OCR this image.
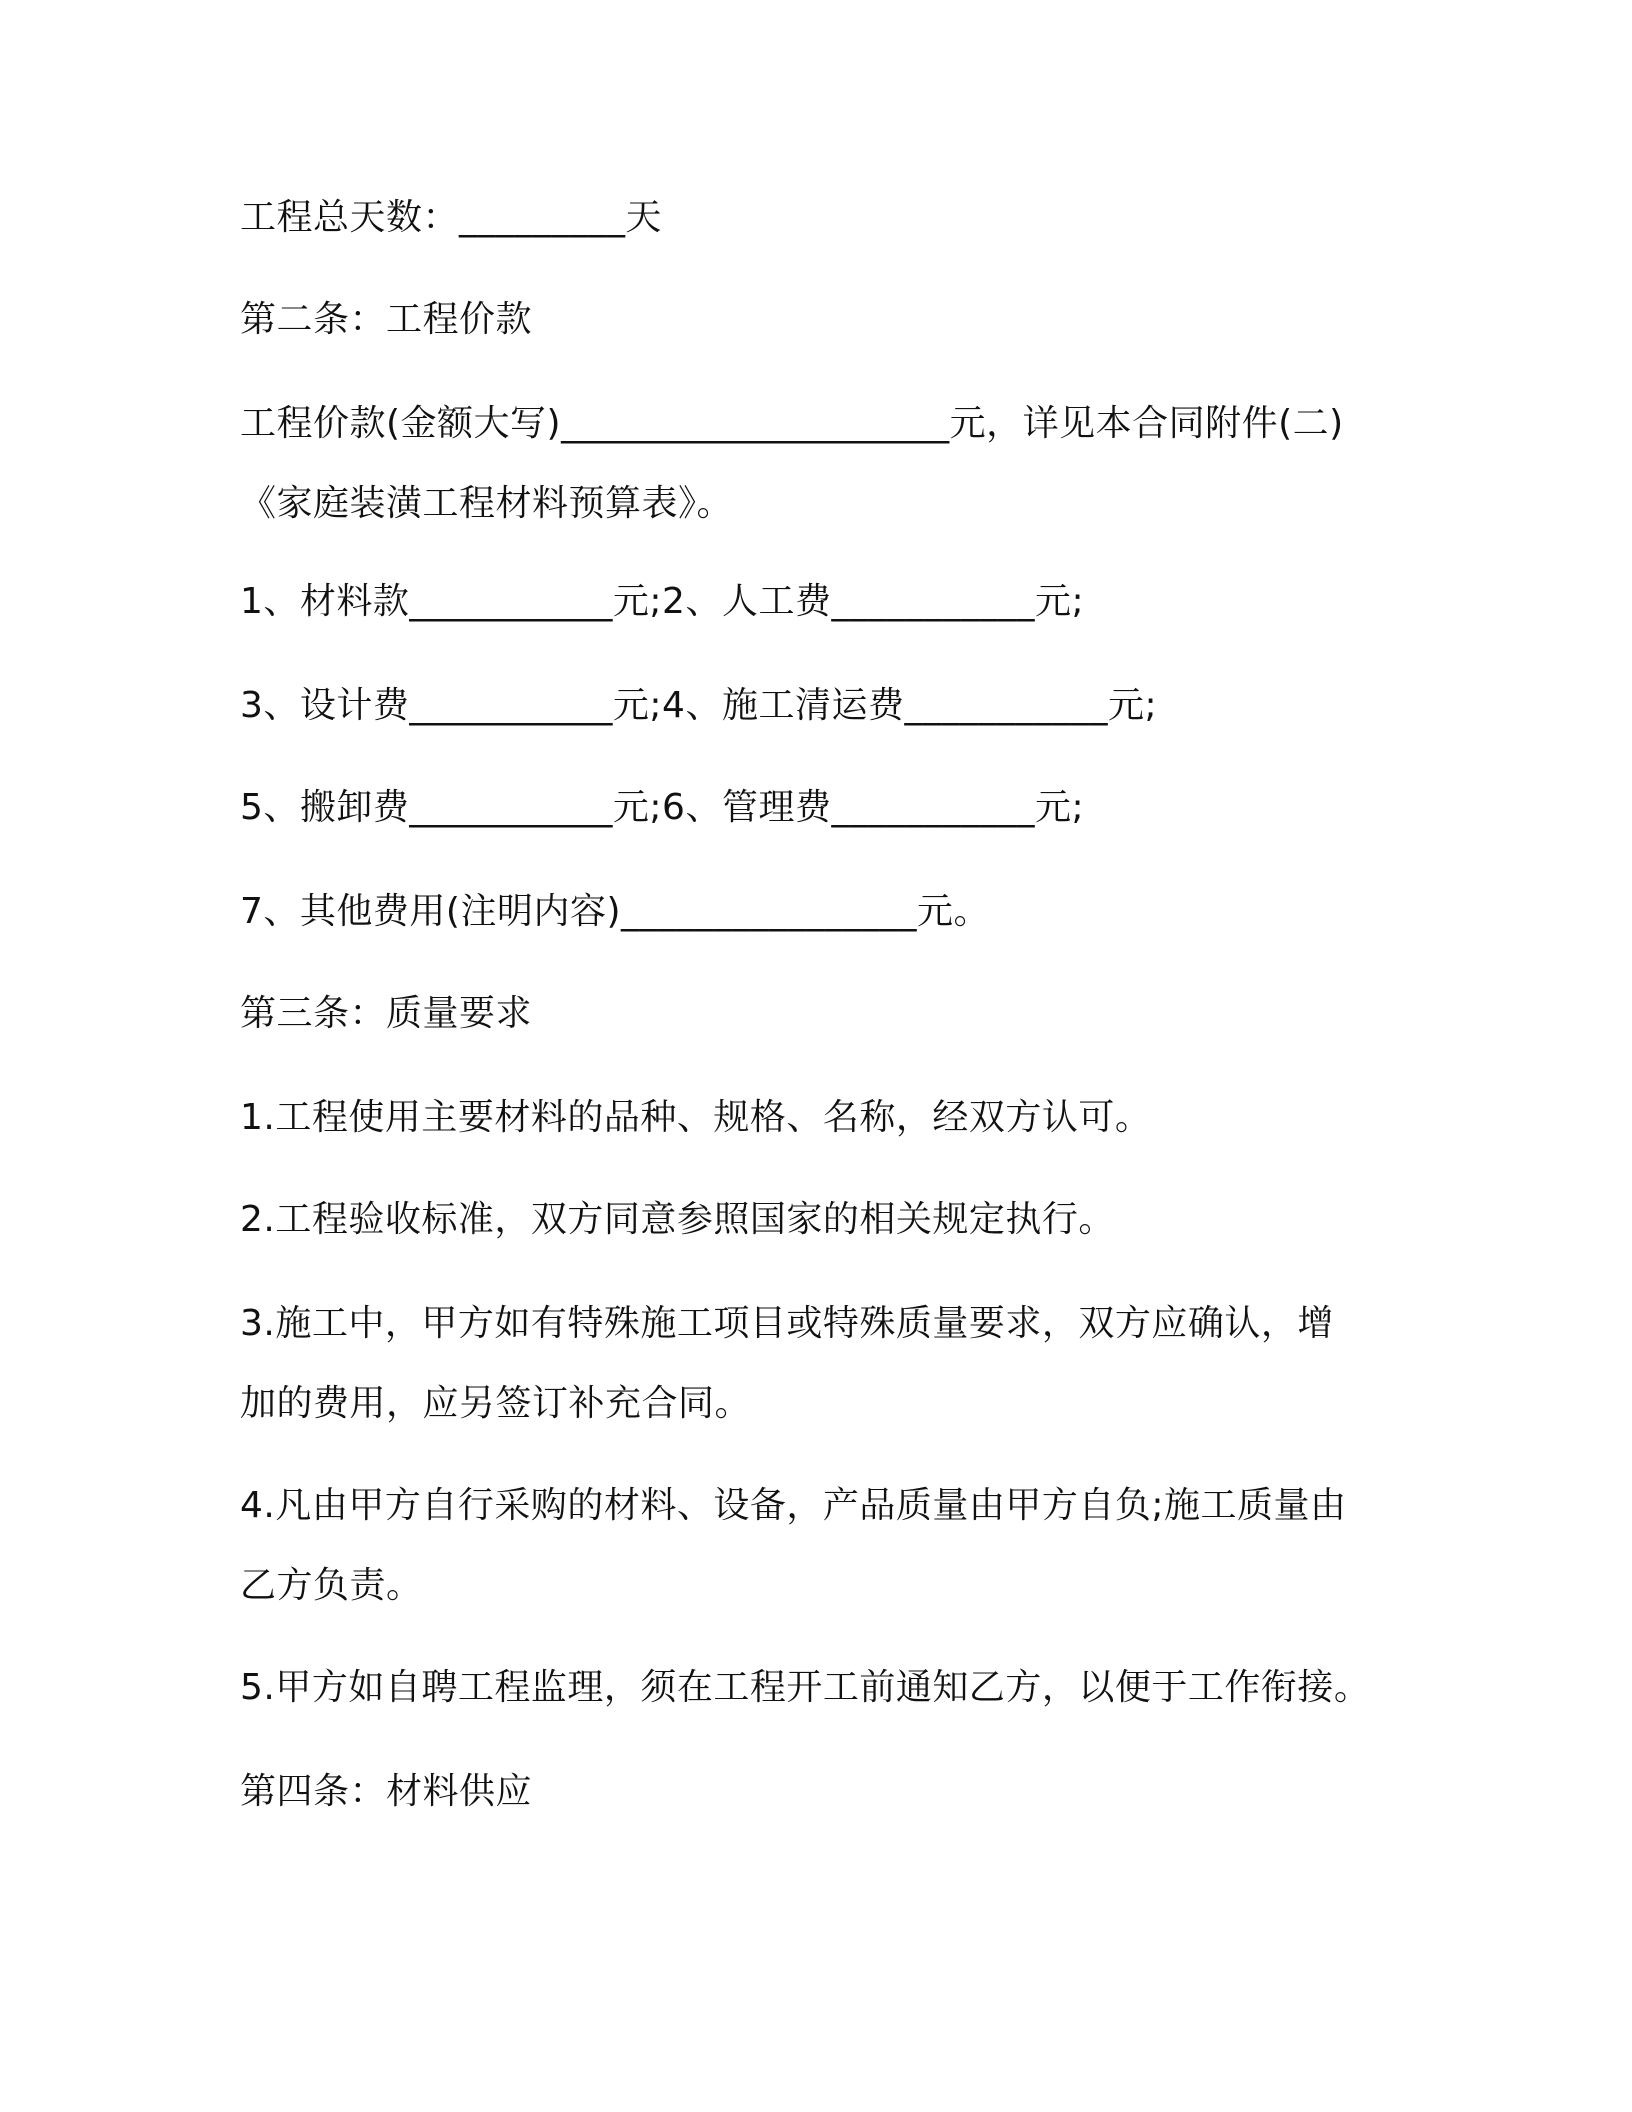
工程总天数：_________天
第二条：工程价款
工程价款(金额大写)_____________________元，详见本合同附件(二)
《家庭装潢工程材料预算表》。
1、材料款___________元;2、人工费___________元;
3、设计费___________元;4、施工清运费___________元;
5、搬卸费___________元;6、管理费___________元;
7、其他费用(注明内容)________________元。
第三条：质量要求
1.工程使用主要材料的品种、规格、名称，经双方认可。
2.工程验收标准，双方同意参照国家的相关规定执行。
3.施工中，甲方如有特殊施工项目或特殊质量要求，双方应确认，增
加的费用，应另签订补充合同。
4.凡由甲方自行采购的材料、设备，产品质量由甲方自负;施工质量由
乙方负责。
5.甲方如自聘工程监理，须在工程开工前通知乙方，以便于工作衔接。
第四条：材料供应
